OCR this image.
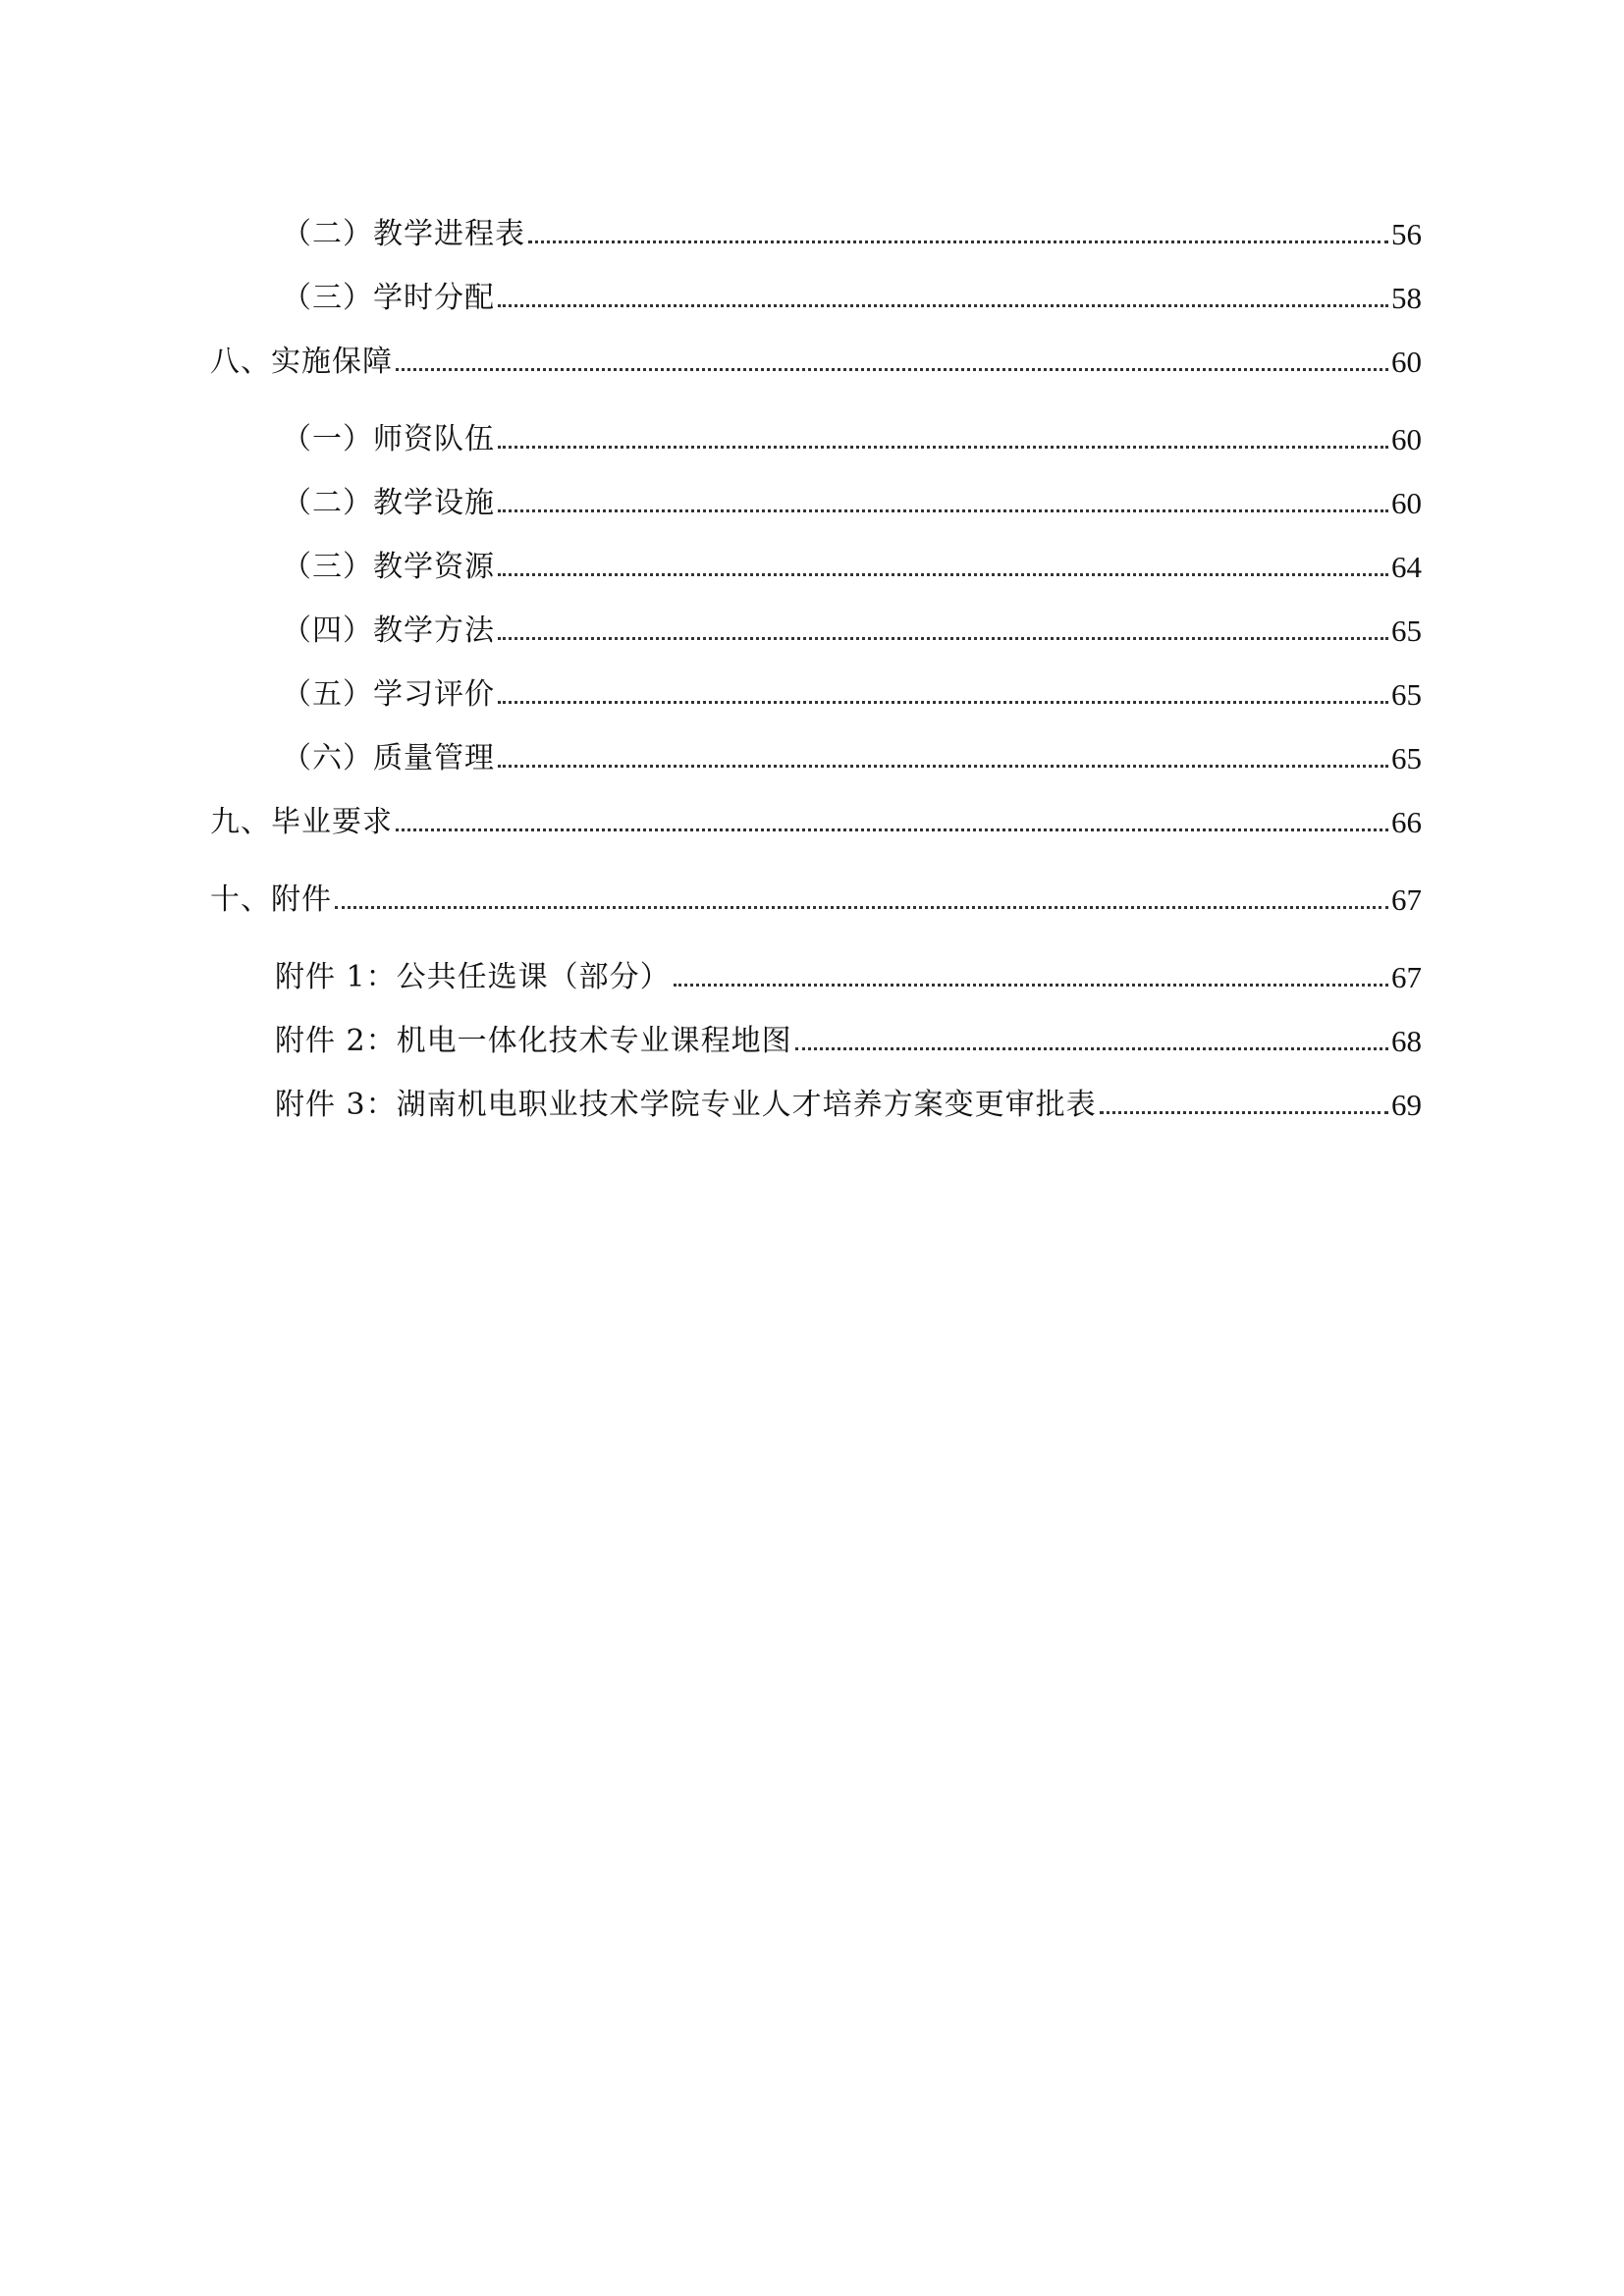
（二）教学进程表	56
（三）学时分配	58
八、实施保障	60
（一）师资队伍	60
（二）教学设施	60
（三）教学资源	64
（四）教学方法	65
（五）学习评价	65
（六）质量管理	65
九、毕业要求	66
十、附件	67
附件 1：公共任选课（部分）	67
附件 2：机电一体化技术专业课程地图	68
附件 3：湖南机电职业技术学院专业人才培养方案变更审批表	69
